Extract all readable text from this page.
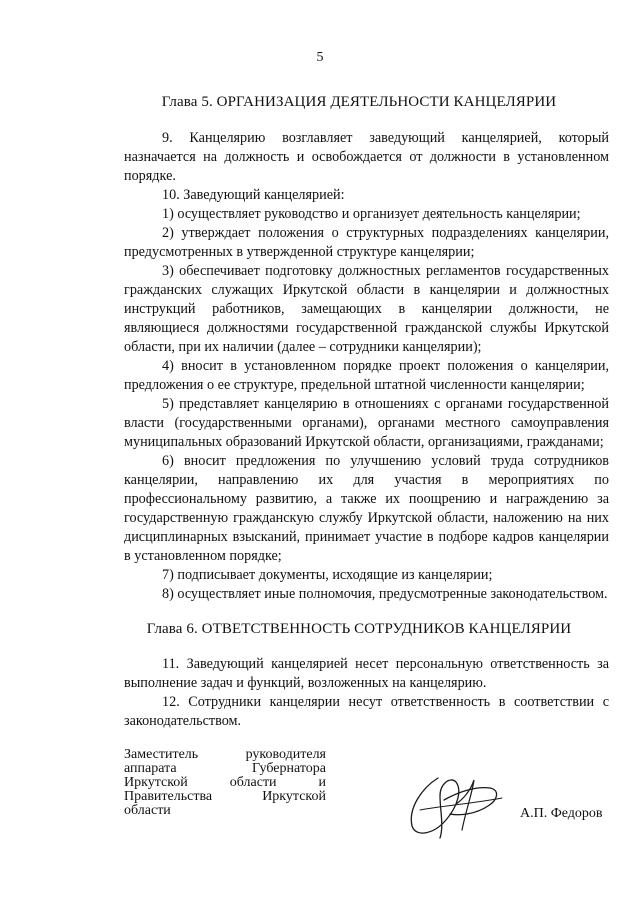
5
Глава 5. ОРГАНИЗАЦИЯ ДЕЯТЕЛЬНОСТИ КАНЦЕЛЯРИИ

9. Канцелярию возглавляет заведующий канцелярией, который назначается на должность и освобождается от должности в установленном порядке.

10. Заведующий канцелярией:

1) осуществляет руководство и организует деятельность канцелярии;

2) утверждает положения о структурных подразделениях канцелярии, предусмотренных в утвержденной структуре канцелярии;

3) обеспечивает подготовку должностных регламентов государственных гражданских служащих Иркутской области в канцелярии и должностных инструкций работников, замещающих в канцелярии должности, не являющиеся должностями государственной гражданской службы Иркутской области, при их наличии (далее – сотрудники канцелярии);

4) вносит в установленном порядке проект положения о канцелярии, предложения о ее структуре, предельной штатной численности канцелярии;

5) представляет канцелярию в отношениях с органами государственной власти (государственными органами), органами местного самоуправления муниципальных образований Иркутской области, организациями, гражданами;

6) вносит предложения по улучшению условий труда сотрудников канцелярии, направлению их для участия в мероприятиях по профессиональному развитию, а также их поощрению и награждению за государственную гражданскую службу Иркутской области, наложению на них дисциплинарных взысканий, принимает участие в подборе кадров канцелярии в установленном порядке;

7) подписывает документы, исходящие из канцелярии;

8) осуществляет иные полномочия, предусмотренные законодательством.

Глава 6. ОТВЕТСТВЕННОСТЬ СОТРУДНИКОВ КАНЦЕЛЯРИИ

11. Заведующий канцелярией несет персональную ответственность за выполнение задач и функций, возложенных на канцелярию.

12. Сотрудники канцелярии несут ответственность в соответствии с законодательством.

Заместитель руководителя
аппарата Губернатора
Иркутской области и
Правительства Иркутской
области	А.П. Федоров
